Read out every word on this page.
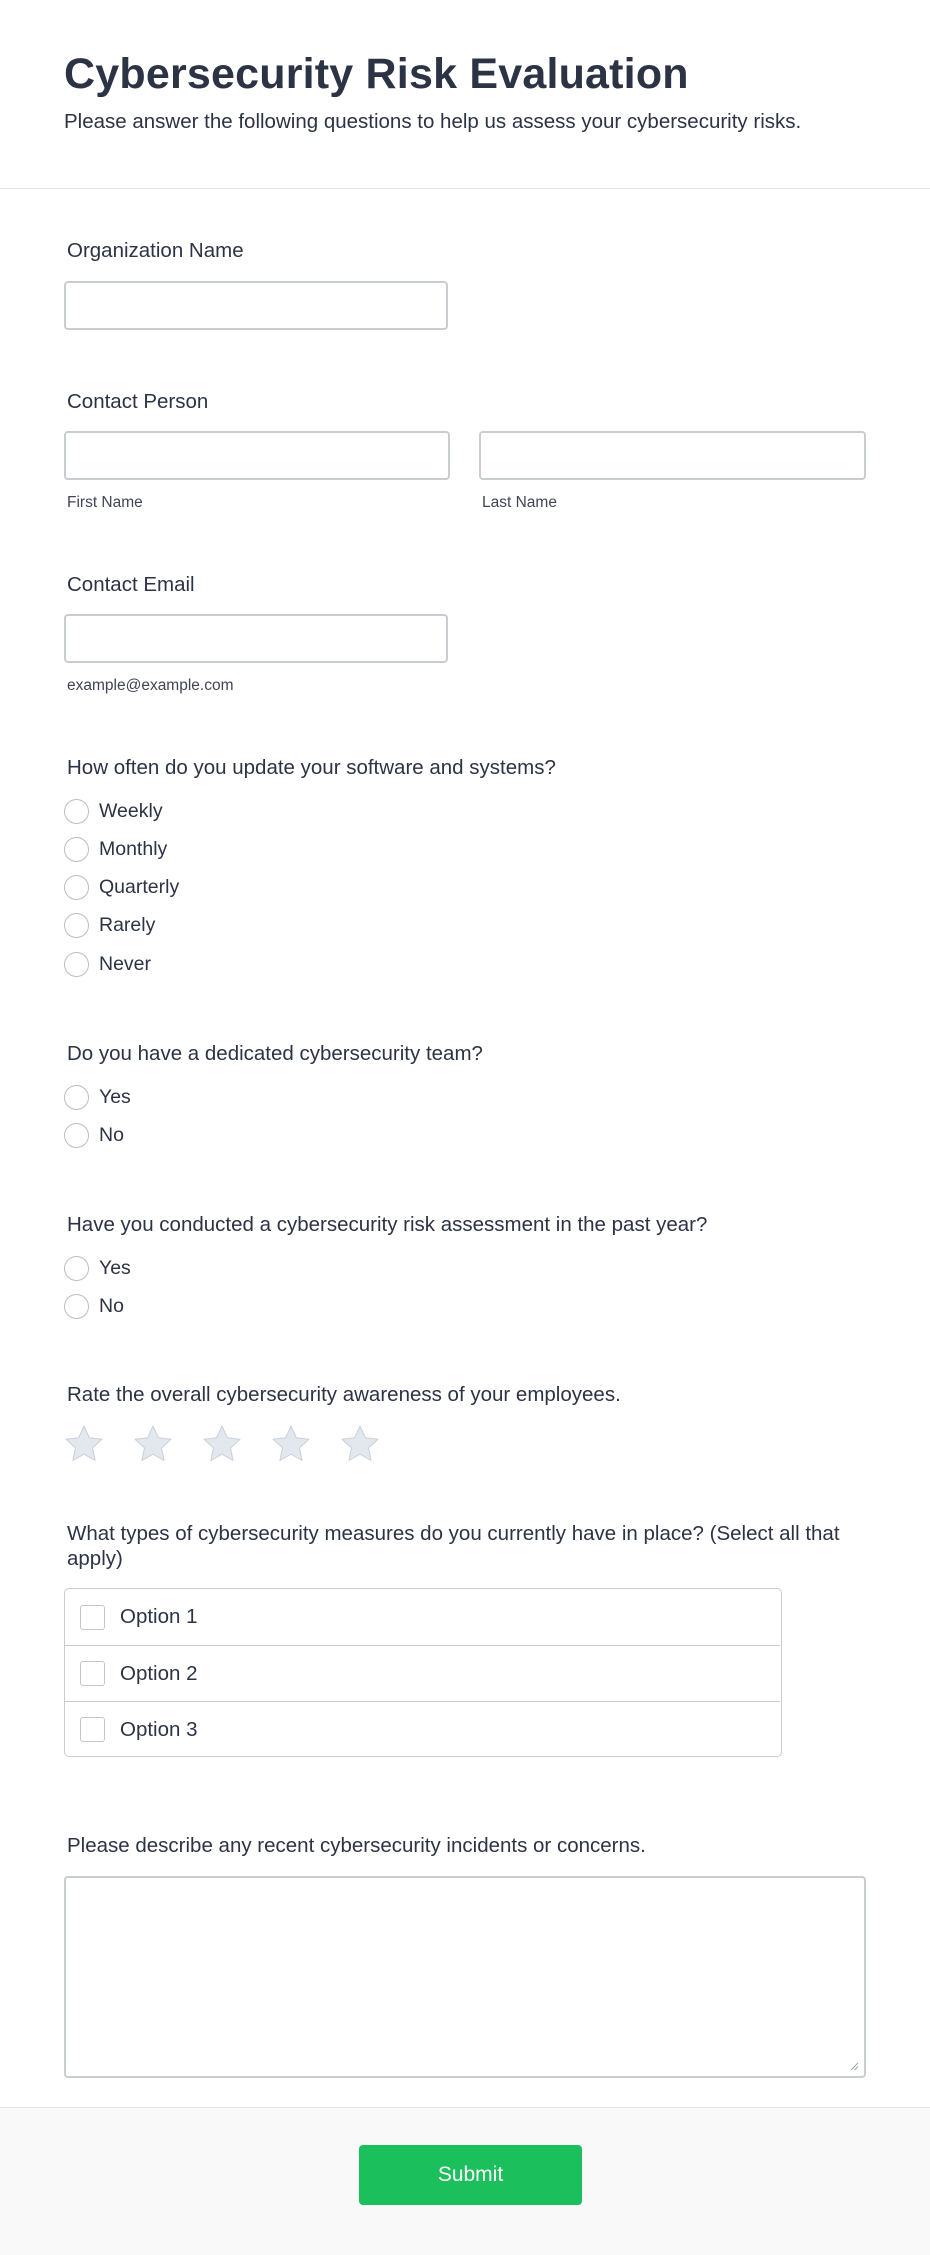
Cybersecurity Risk Evaluation
Please answer the following questions to help us assess your cybersecurity risks.
Organization Name
Contact Person
First Name	Last Name
Contact Email
example@example.com
How often do you update your software and systems?
Weekly
Monthly
Quarterly
Rarely
Never
Do you have a dedicated cybersecurity team?
Yes
No
Have you conducted a cybersecurity risk assessment in the past year?
Yes
No
Rate the overall cybersecurity awareness of your employees.
What types of cybersecurity measures do you currently have in place? (Select all that apply)
Option 1
Option 2
Option 3
Please describe any recent cybersecurity incidents or concerns.
Submit
